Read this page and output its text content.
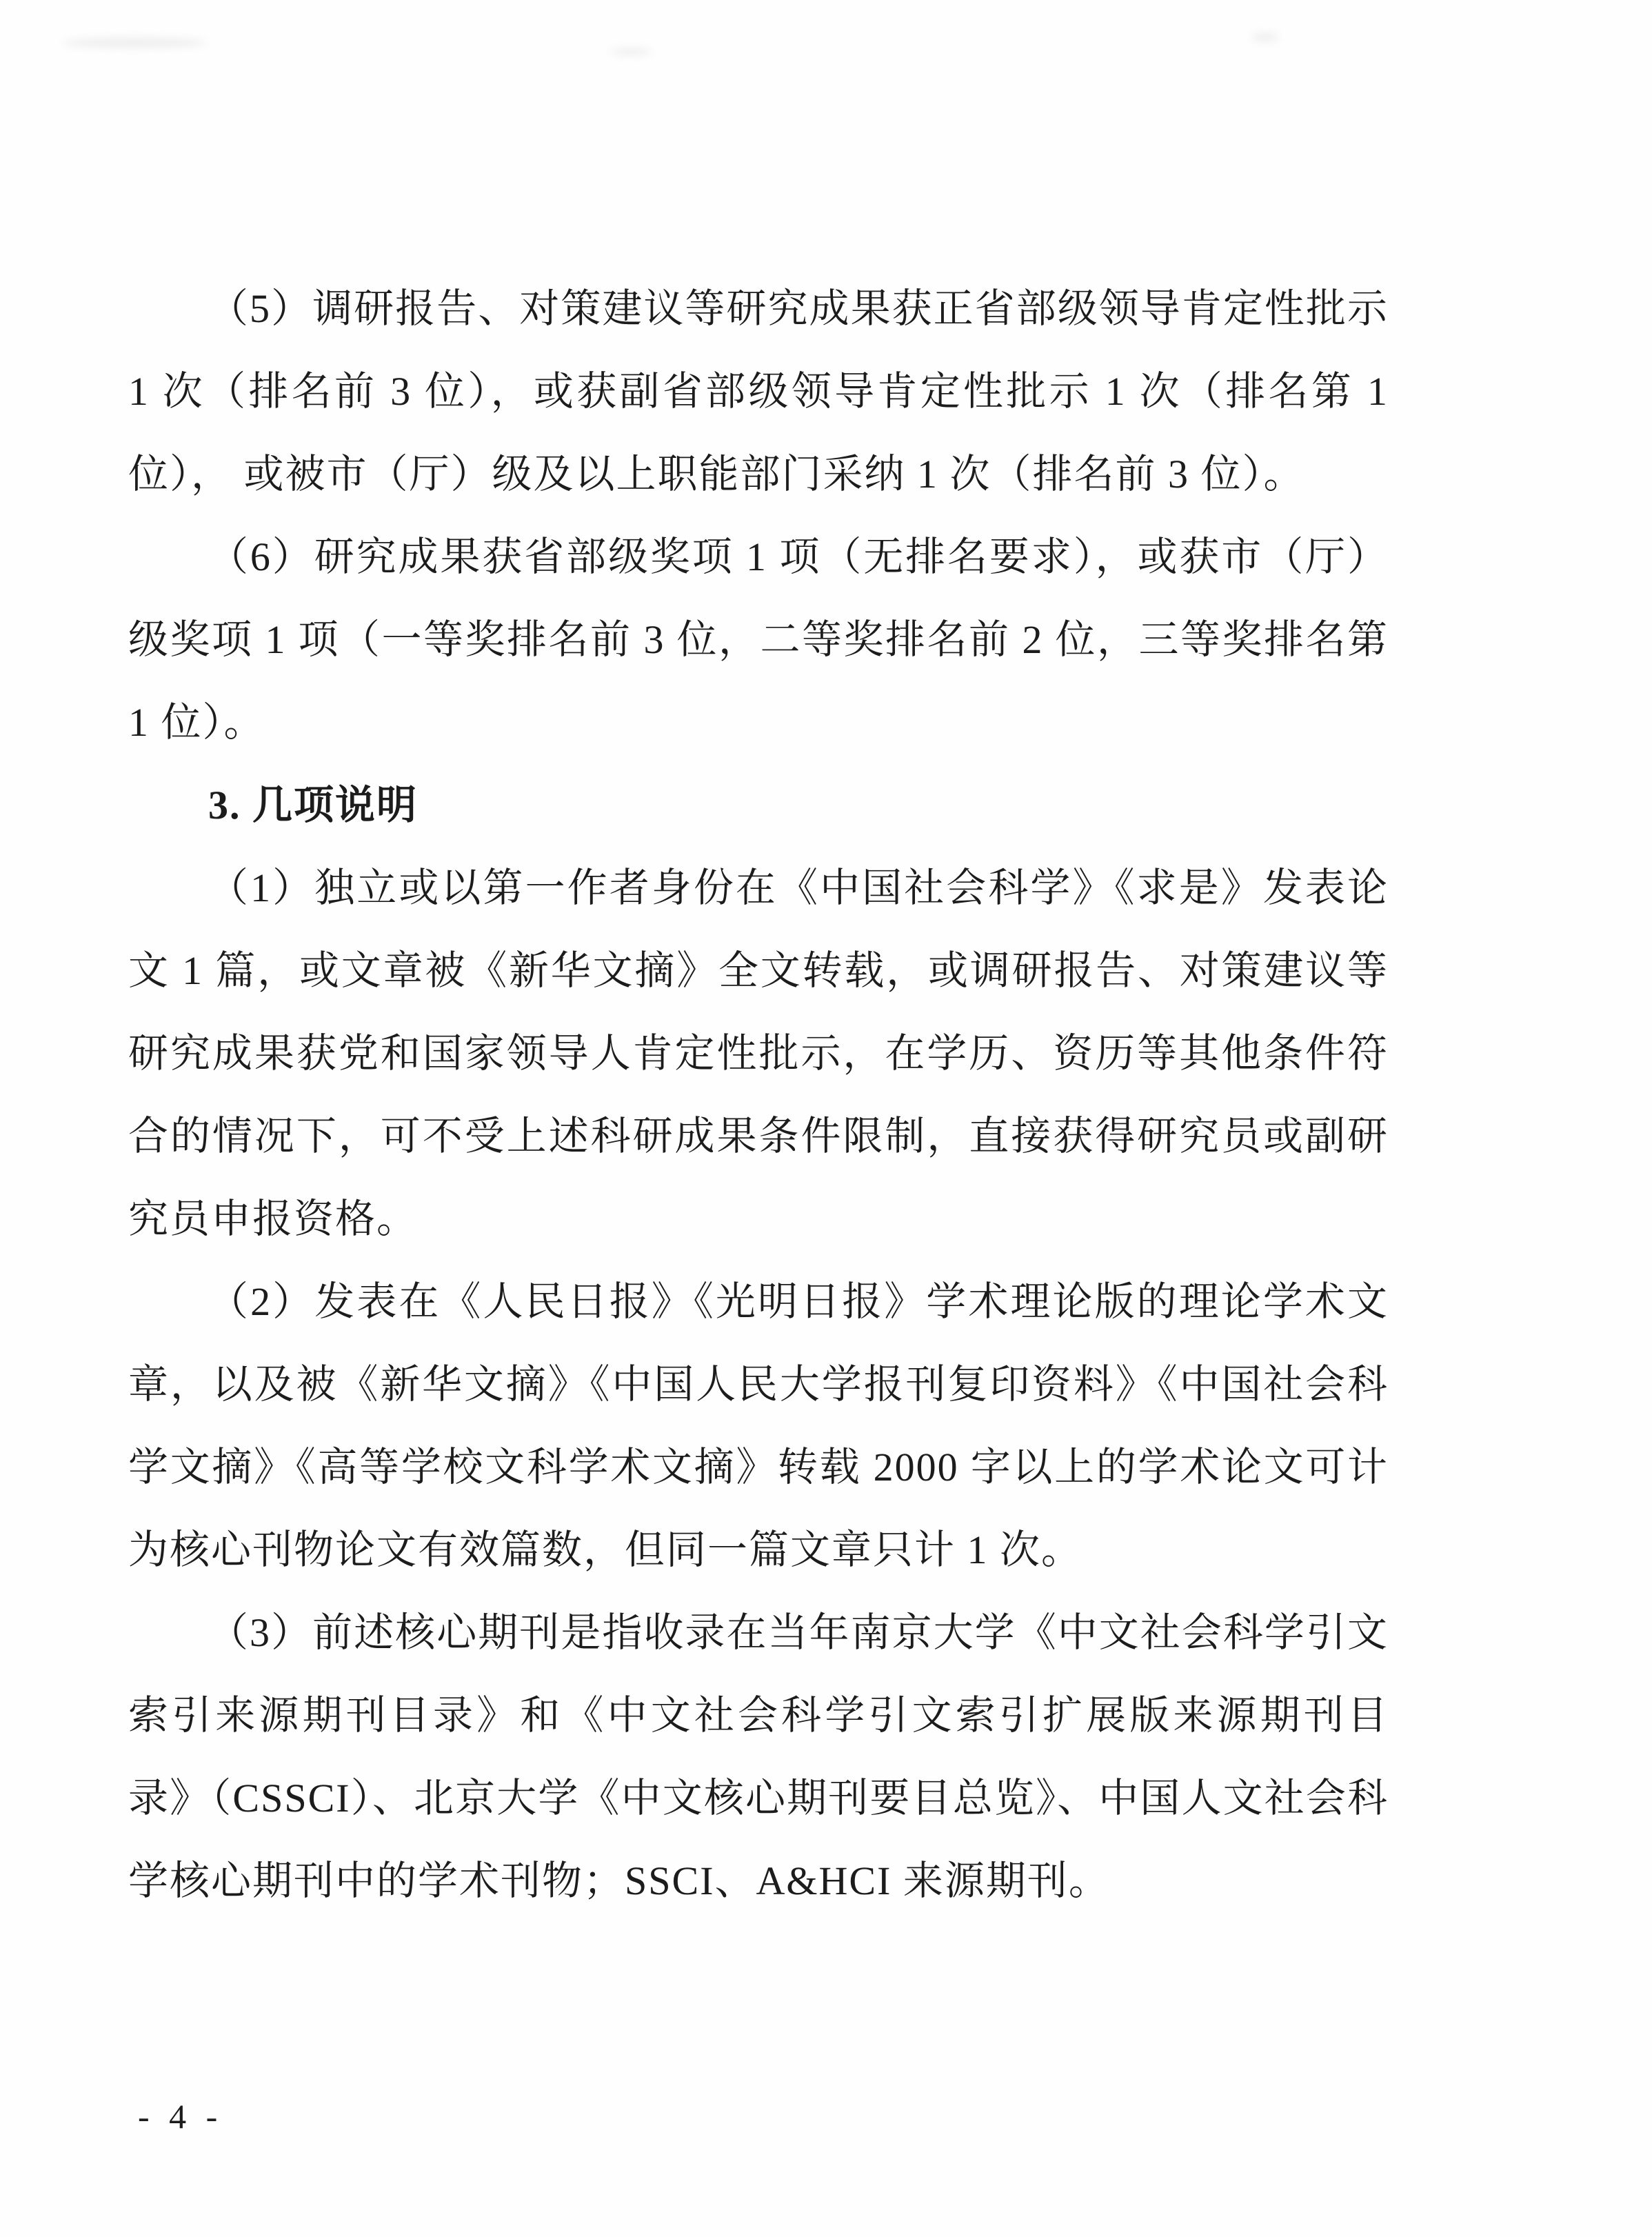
（5）调研报告、对策建议等研究成果获正省部级领导肯定性批示 1 次（排名前 3 位），或获副省部级领导肯定性批示 1 次（排名第 1 位）， 或被市（厅）级及以上职能部门采纳 1 次（排名前 3 位）。

（6）研究成果获省部级奖项 1 项（无排名要求），或获市（厅）级奖项 1 项（一等奖排名前 3 位，二等奖排名前 2 位，三等奖排名第 1 位）。

3. 几项说明

（1）独立或以第一作者身份在《中国社会科学》《求是》发表论文 1 篇，或文章被《新华文摘》全文转载，或调研报告、对策建议等研究成果获党和国家领导人肯定性批示，在学历、资历等其他条件符合的情况下，可不受上述科研成果条件限制，直接获得研究员或副研究员申报资格。

（2）发表在《人民日报》《光明日报》学术理论版的理论学术文章，以及被《新华文摘》《中国人民大学报刊复印资料》《中国社会科学文摘》《高等学校文科学术文摘》转载 2000 字以上的学术论文可计为核心刊物论文有效篇数，但同一篇文章只计 1 次。

（3）前述核心期刊是指收录在当年南京大学《中文社会科学引文索引来源期刊目录》和《中文社会科学引文索引扩展版来源期刊目录》（CSSCI）、北京大学《中文核心期刊要目总览》、中国人文社会科学核心期刊中的学术刊物；SSCI、A&HCI 来源期刊。

- 4 -
